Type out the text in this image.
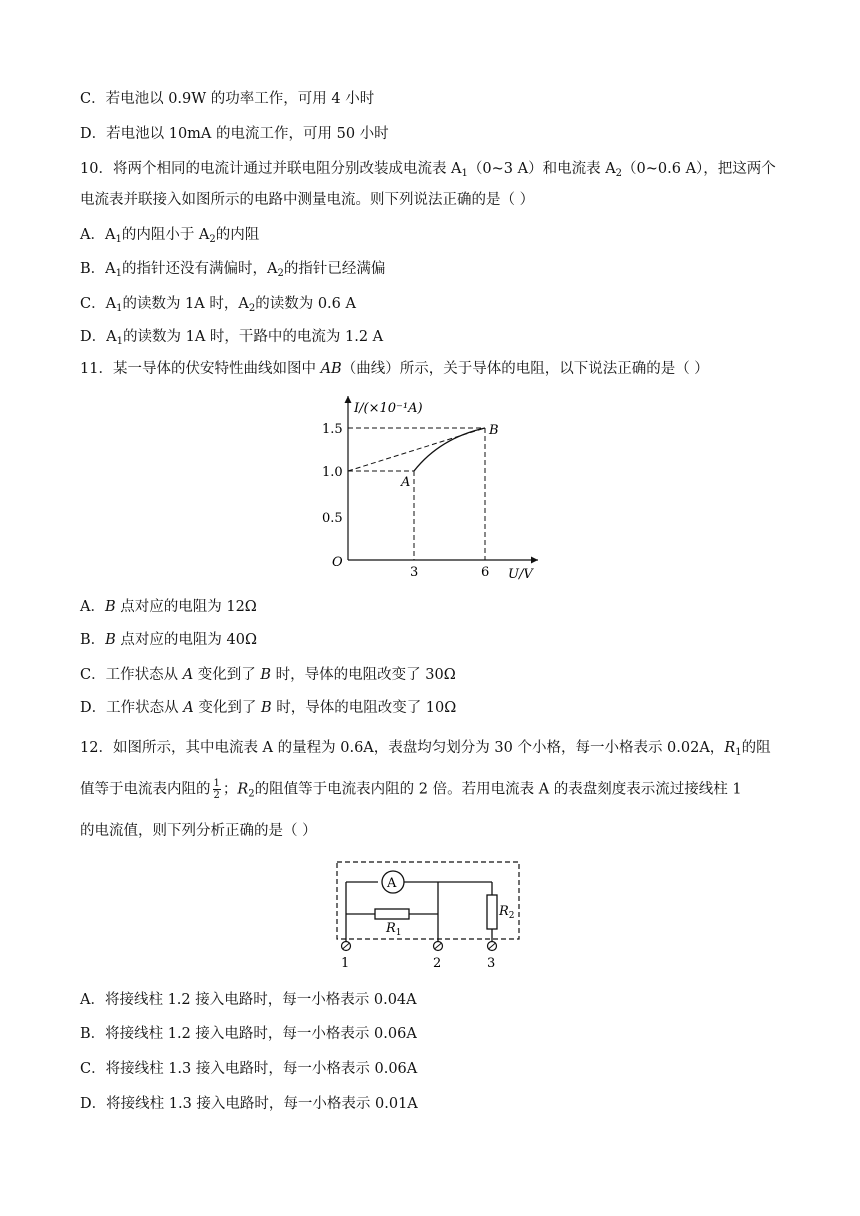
C．若电池以 0.9W 的功率工作，可用 4 小时
D．若电池以 10mA 的电流工作，可用 50 小时
10．将两个相同的电流计通过并联电阻分别改装成电流表 $A_1(0\sim 3$ A）和电流表 $A_2(0\sim 0.6$ A），把这两个
电流表并联接入如图所示的电路中测量电流。则下列说法正确的是（ ）
A．$A_1$的内阻小于 $A_2$的内阻
B．$A_1$的指针还没有满偏时，$A_2$的指针已经满偏
C．$A_1$的读数为 1A 时，$A_2$的读数为 0.6 A
D．$A_1$的读数为 1A 时，干路中的电流为 1.2 A
11．某一导体的伏安特性曲线如图中 AB（曲线）所示，关于导体的电阻，以下说法正确的是（ ）
I/(×10⁻¹A)
U/V
O
1.5
1.0
0.5
3	6
A
B
A．B 点对应的电阻为 12Ω
B．B 点对应的电阻为 40Ω
C．工作状态从 A 变化到了 B 时，导体的电阻改变了 30Ω
D．工作状态从 A 变化到了 B 时，导体的电阻改变了 10Ω
12．如图所示，其中电流表 A 的量程为 0.6A，表盘均匀划分为 30 个小格，每一小格表示 0.02A，$R_1$的阻
值等于电流表内阻的 $\frac{1}{2}$ ；$R_2$的阻值等于电流表内阻的 2 倍。若用电流表 A 的表盘刻度表示流过接线柱 1
的电流值，则下列分析正确的是（ ）
A
$R_1$
$R_2$
1	2	3
A．将接线柱 1.2 接入电路时，每一小格表示 0.04A
B．将接线柱 1.2 接入电路时，每一小格表示 0.06A
C．将接线柱 1.3 接入电路时，每一小格表示 0.06A
D．将接线柱 1.3 接入电路时，每一小格表示 0.01A
